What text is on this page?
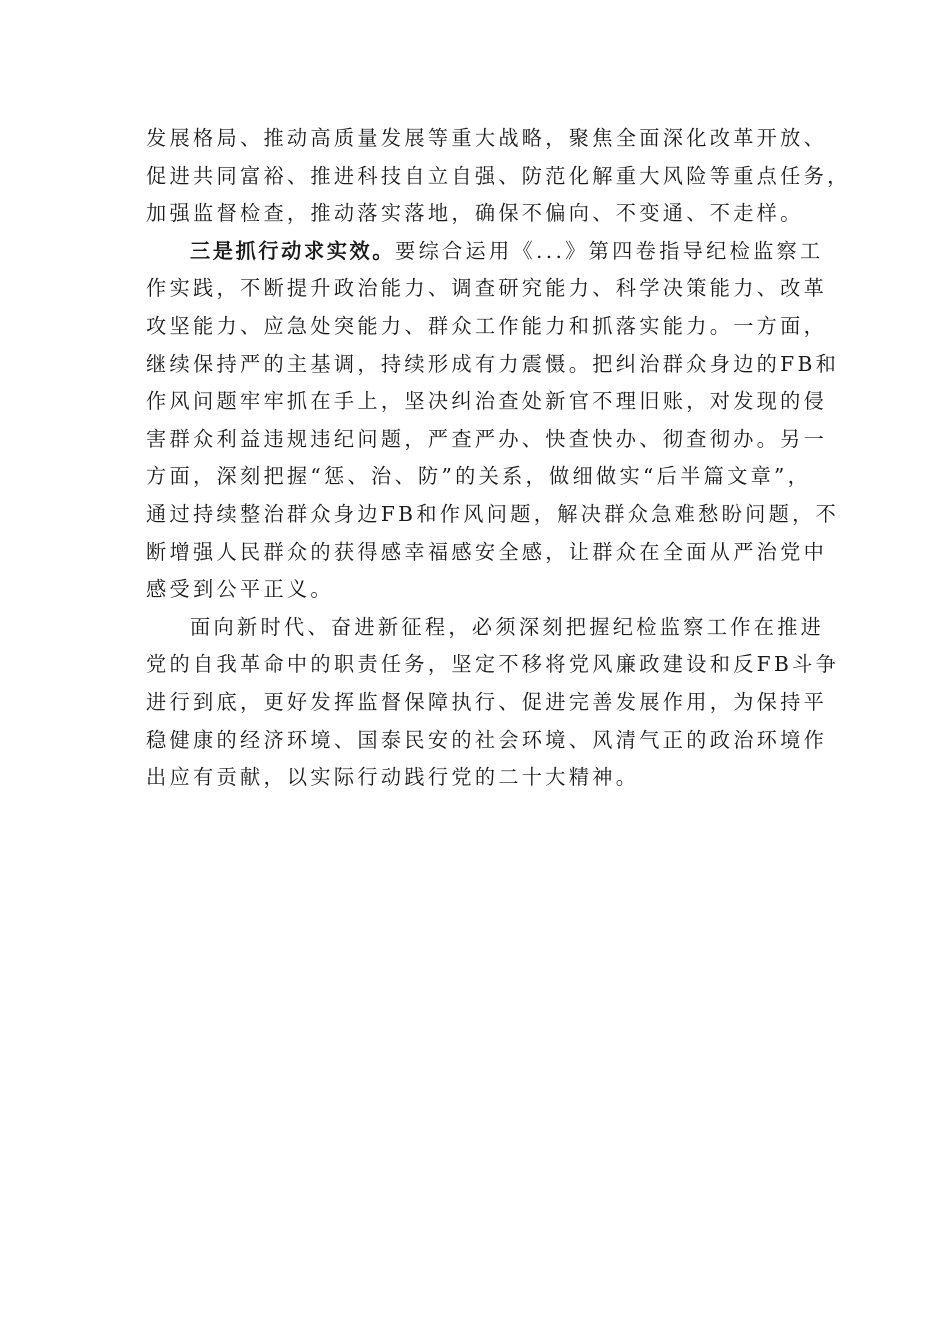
发展格局、推动高质量发展等重大战略，聚焦全面深化改革开放、
促进共同富裕、推进科技自立自强、防范化解重大风险等重点任务，
加强监督检查，推动落实落地，确保不偏向、不变通、不走样。
三是抓行动求实效。要综合运用《...》第四卷指导纪检监察工
作实践，不断提升政治能力、调查研究能力、科学决策能力、改革
攻坚能力、应急处突能力、群众工作能力和抓落实能力。一方面，
继续保持严的主基调，持续形成有力震慑。把纠治群众身边的FB和
作风问题牢牢抓在手上，坚决纠治查处新官不理旧账，对发现的侵
害群众利益违规违纪问题，严查严办、快查快办、彻查彻办。另一
方面，深刻把握“惩、治、防”的关系，做细做实“后半篇文章”，
通过持续整治群众身边FB和作风问题，解决群众急难愁盼问题，不
断增强人民群众的获得感幸福感安全感，让群众在全面从严治党中
感受到公平正义。
面向新时代、奋进新征程，必须深刻把握纪检监察工作在推进
党的自我革命中的职责任务，坚定不移将党风廉政建设和反FB斗争
进行到底，更好发挥监督保障执行、促进完善发展作用，为保持平
稳健康的经济环境、国泰民安的社会环境、风清气正的政治环境作
出应有贡献，以实际行动践行党的二十大精神。
